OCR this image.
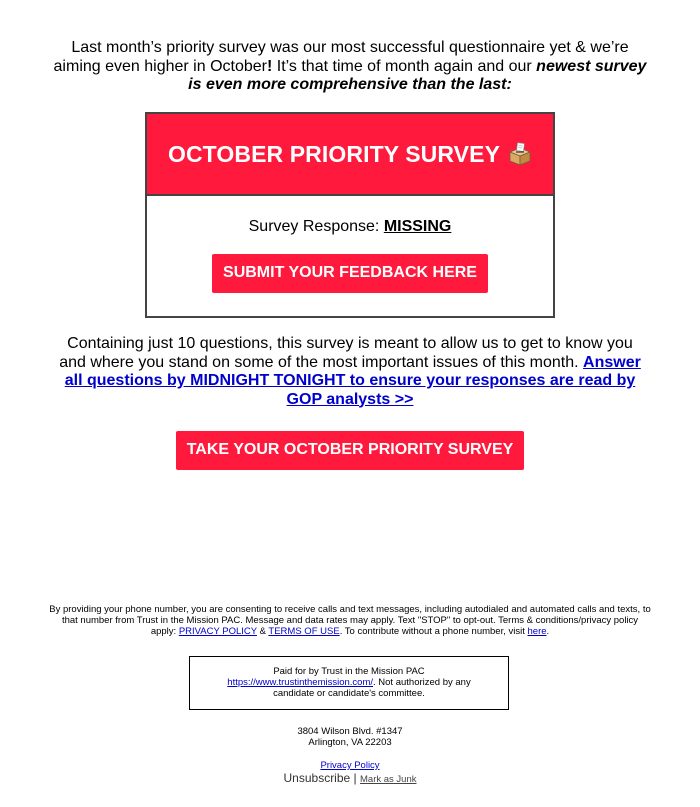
Last month’s priority survey was our most successful questionnaire yet & we’re aiming even higher in October! It’s that time of month again and our newest survey is even more comprehensive than the last:
OCTOBER PRIORITY SURVEY
Survey Response: MISSING
SUBMIT YOUR FEEDBACK HERE
Containing just 10 questions, this survey is meant to allow us to get to know you and where you stand on some of the most important issues of this month. Answer all questions by MIDNIGHT TONIGHT to ensure your responses are read by GOP analysts >>
TAKE YOUR OCTOBER PRIORITY SURVEY
By providing your phone number, you are consenting to receive calls and text messages, including autodialed and automated calls and texts, to that number from Trust in the Mission PAC. Message and data rates may apply. Text "STOP" to opt-out. Terms & conditions/privacy policy apply: PRIVACY POLICY & TERMS OF USE. To contribute without a phone number, visit here.
Paid for by Trust in the Mission PAC
https://www.trustinthemission.com/. Not authorized by any candidate or candidate's committee.
3804 Wilson Blvd. #1347
Arlington, VA 22203
Privacy Policy
Unsubscribe | Mark as Junk
